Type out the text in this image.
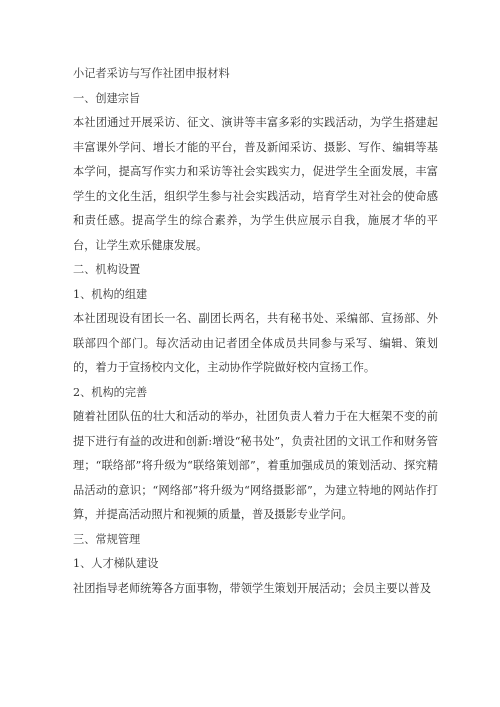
小记者采访与写作社团申报材料
一、创建宗旨

本社团通过开展采访、征文、演讲等丰富多彩的实践活动，为学生搭建起丰富课外学问、增长才能的平台，普及新闻采访、摄影、写作、编辑等基本学问，提高写作实力和采访等社会实践实力，促进学生全面发展，丰富学生的文化生活，组织学生参与社会实践活动，培育学生对社会的使命感和责任感。提高学生的综合素养，为学生供应展示自我，施展才华的平台，让学生欢乐健康发展。

二、机构设置
1、机构的组建

本社团现设有团长一名、副团长两名，共有秘书处、采编部、宣扬部、外联部四个部门。每次活动由记者团全体成员共同参与采写、编辑、策划的，着力于宣扬校内文化，主动协作学院做好校内宣扬工作。

2、机构的完善

随着社团队伍的壮大和活动的举办，社团负责人着力于在大框架不变的前提下进行有益的改进和创新:增设“秘书处”，负责社团的文讯工作和财务管理；“联络部”将升级为“联络策划部”，着重加强成员的策划活动、探究精品活动的意识；“网络部”将升级为“网络摄影部”，为建立特地的网站作打算，并提高活动照片和视频的质量，普及摄影专业学问。

三、常规管理
1、人才梯队建设

社团指导老师统筹各方面事物，带领学生策划开展活动；会员主要以普及
